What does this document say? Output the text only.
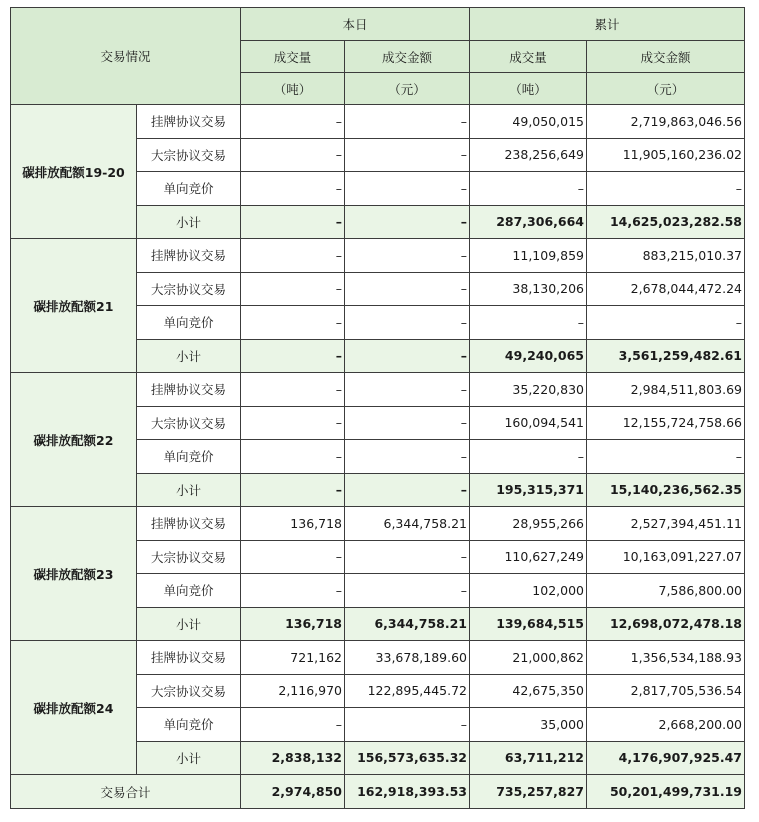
交易情况		本日		累计	
		成交量	成交金额	成交量	成交金额
		（吨）	（元）	（吨）	（元）
碳排放配额19-20	挂牌协议交易	–	–	49,050,015	2,719,863,046.56
	大宗协议交易	–	–	238,256,649	11,905,160,236.02
	单向竞价	–	–	–	–
	小计	–	–	287,306,664	14,625,023,282.58
碳排放配额21	挂牌协议交易	–	–	11,109,859	883,215,010.37
	大宗协议交易	–	–	38,130,206	2,678,044,472.24
	单向竞价	–	–	–	–
	小计	–	–	49,240,065	3,561,259,482.61
碳排放配额22	挂牌协议交易	–	–	35,220,830	2,984,511,803.69
	大宗协议交易	–	–	160,094,541	12,155,724,758.66
	单向竞价	–	–	–	–
	小计	–	–	195,315,371	15,140,236,562.35
碳排放配额23	挂牌协议交易	136,718	6,344,758.21	28,955,266	2,527,394,451.11
	大宗协议交易	–	–	110,627,249	10,163,091,227.07
	单向竞价	–	–	102,000	7,586,800.00
	小计	136,718	6,344,758.21	139,684,515	12,698,072,478.18
碳排放配额24	挂牌协议交易	721,162	33,678,189.60	21,000,862	1,356,534,188.93
	大宗协议交易	2,116,970	122,895,445.72	42,675,350	2,817,705,536.54
	单向竞价	–	–	35,000	2,668,200.00
	小计	2,838,132	156,573,635.32	63,711,212	4,176,907,925.47
交易合计		2,974,850	162,918,393.53	735,257,827	50,201,499,731.19
